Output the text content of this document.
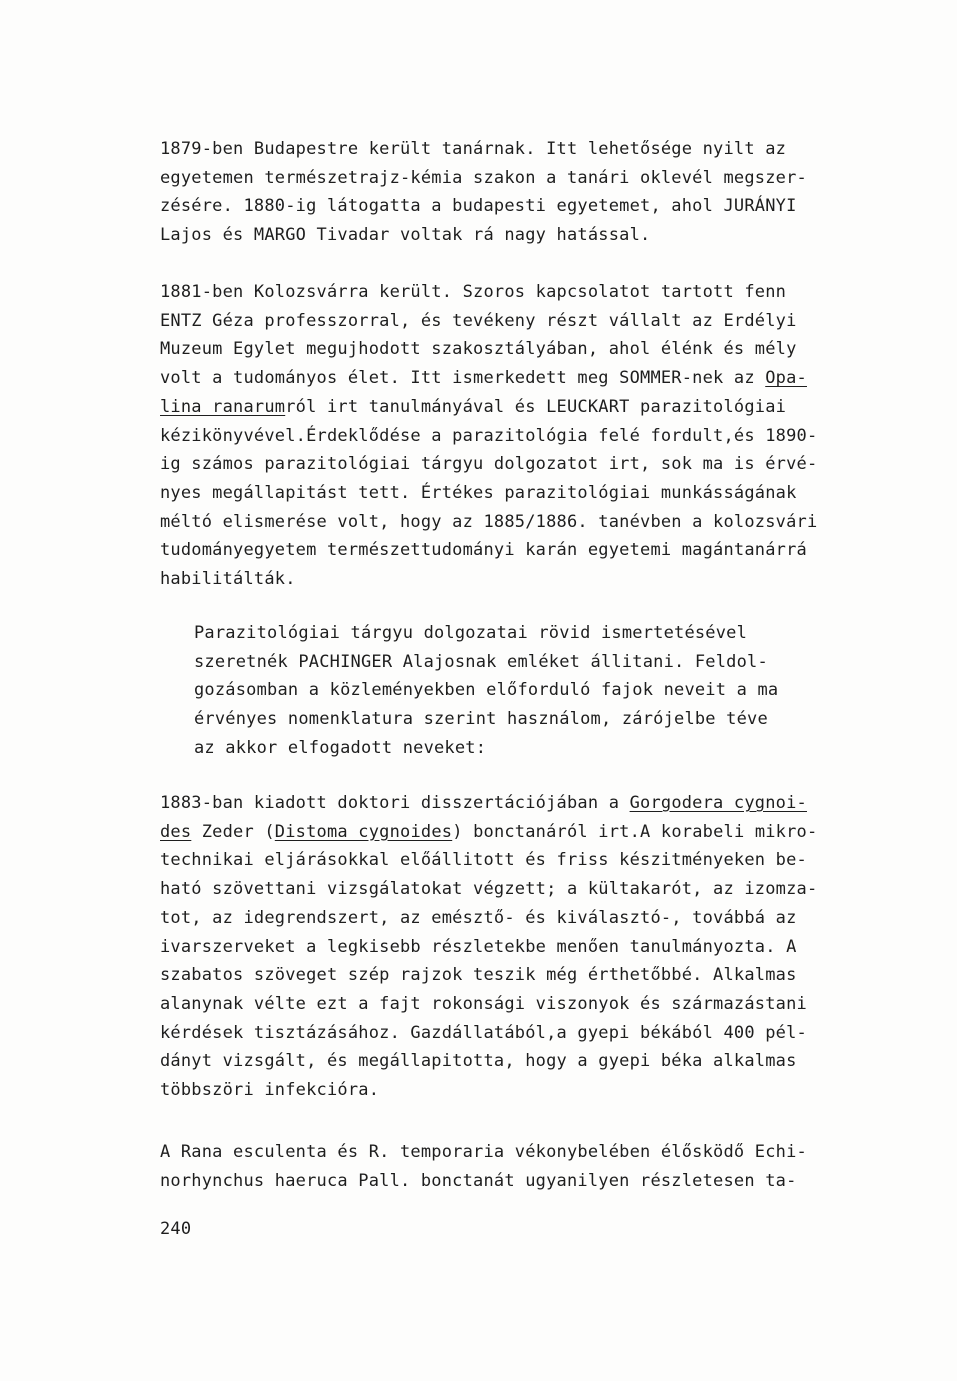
1879-ben Budapestre került tanárnak. Itt lehetősége nyilt az
egyetemen természetrajz-kémia szakon a tanári oklevél megszer-
zésére. 1880-ig látogatta a budapesti egyetemet, ahol JURÁNYI
Lajos és MARGO Tivadar voltak rá nagy hatással.
1881-ben Kolozsvárra került. Szoros kapcsolatot tartott fenn
ENTZ Géza professzorral, és tevékeny részt vállalt az Erdélyi
Muzeum Egylet megujhodott szakosztályában, ahol élénk és mély
volt a tudományos élet. Itt ismerkedett meg SOMMER-nek az Opa-
lina ranarumról irt tanulmányával és LEUCKART parazitológiai
kézikönyvével.Érdeklődése a parazitológia felé fordult,és 1890-
ig számos parazitológiai tárgyu dolgozatot irt, sok ma is érvé-
nyes megállapitást tett. Értékes parazitológiai munkásságának
méltó elismerése volt, hogy az 1885/1886. tanévben a kolozsvári
tudományegyetem természettudományi karán egyetemi magántanárrá
habilitálták.
Parazitológiai tárgyu dolgozatai rövid ismertetésével
szeretnék PACHINGER Alajosnak emléket állitani. Feldol-
gozásomban a közleményekben előforduló fajok neveit a ma
érvényes nomenklatura szerint használom, zárójelbe téve
az akkor elfogadott neveket:
1883-ban kiadott doktori disszertációjában a Gorgodera cygnoi-
des Zeder (Distoma cygnoides) bonctanáról irt.A korabeli mikro-
technikai eljárásokkal előállitott és friss készitményeken be-
ható szövettani vizsgálatokat végzett; a kültakarót, az izomza-
tot, az idegrendszert, az emésztő- és kiválasztó-, továbbá az
ivarszerveket a legkisebb részletekbe menően tanulmányozta. A
szabatos szöveget szép rajzok teszik még érthetőbbé. Alkalmas
alanynak vélte ezt a fajt rokonsági viszonyok és származástani
kérdések tisztázásához. Gazdállatából,a gyepi békából 400 pél-
dányt vizsgált, és megállapitotta, hogy a gyepi béka alkalmas
többszöri infekcióra.
A Rana esculenta és R. temporaria vékonybelében élősködő Echi-
norhynchus haeruca Pall. bonctanát ugyanilyen részletesen ta-
240
